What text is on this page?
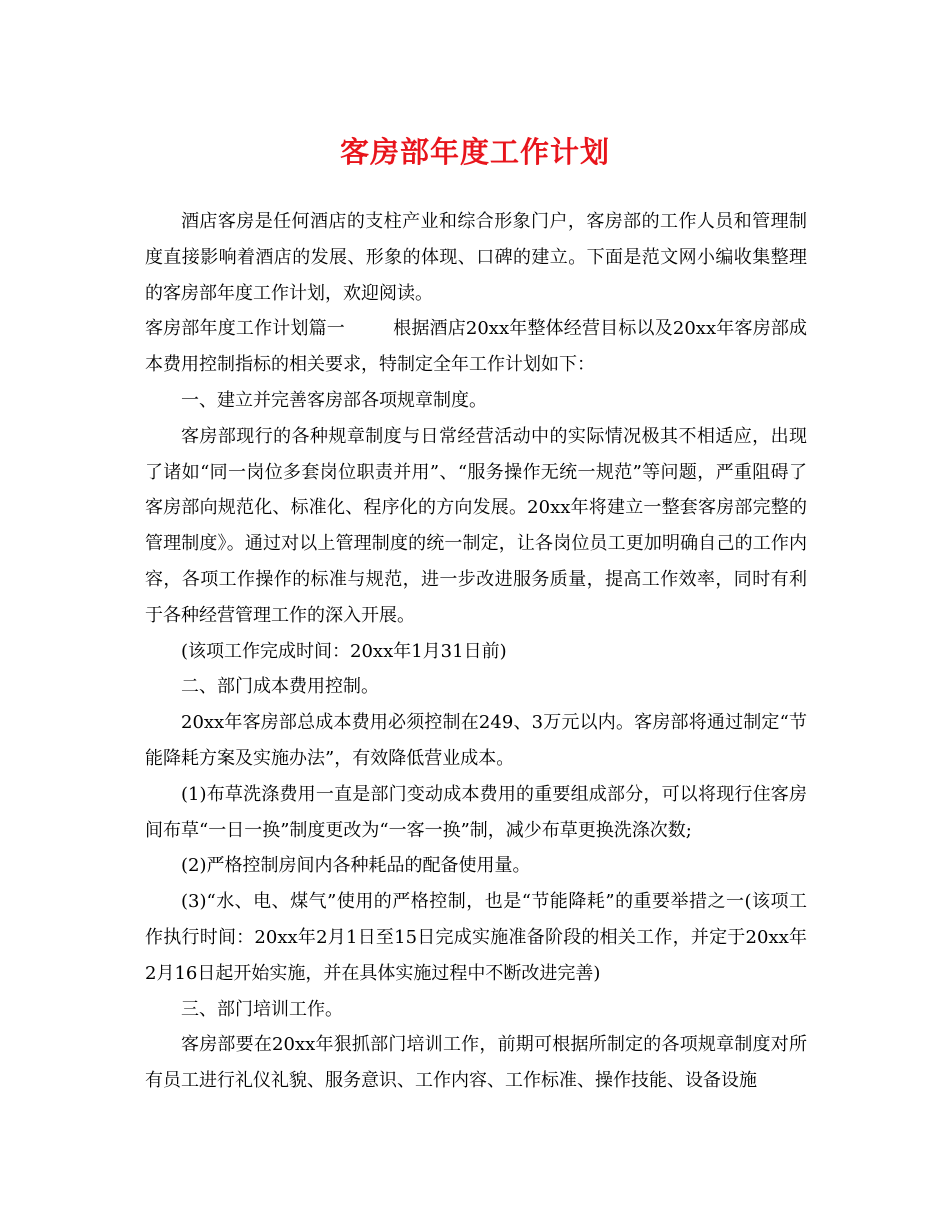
客房部年度工作计划

酒店客房是任何酒店的支柱产业和综合形象门户，客房部的工作人员和管理制度直接影响着酒店的发展、形象的体现、口碑的建立。下面是范文网小编收集整理的客房部年度工作计划，欢迎阅读。

客房部年度工作计划篇一	根据酒店20xx年整体经营目标以及20xx年客房部成本费用控制指标的相关要求，特制定全年工作计划如下：

一、建立并完善客房部各项规章制度。

客房部现行的各种规章制度与日常经营活动中的实际情况极其不相适应，出现了诸如“同一岗位多套岗位职责并用”、“服务操作无统一规范”等问题，严重阻碍了客房部向规范化、标准化、程序化的方向发展。20xx年将建立一整套客房部完整的管理制度》。通过对以上管理制度的统一制定，让各岗位员工更加明确自己的工作内容，各项工作操作的标准与规范，进一步改进服务质量，提高工作效率，同时有利于各种经营管理工作的深入开展。

(该项工作完成时间：20xx年1月31日前)

二、部门成本费用控制。

20xx年客房部总成本费用必须控制在249、3万元以内。客房部将通过制定“节能降耗方案及实施办法”，有效降低营业成本。

(1)布草洗涤费用一直是部门变动成本费用的重要组成部分，可以将现行住客房间布草“一日一换”制度更改为“一客一换”制，减少布草更换洗涤次数;

(2)严格控制房间内各种耗品的配备使用量。

(3)“水、电、煤气”使用的严格控制，也是“节能降耗”的重要举措之一(该项工作执行时间：20xx年2月1日至15日完成实施准备阶段的相关工作，并定于20xx年2月16日起开始实施，并在具体实施过程中不断改进完善)

三、部门培训工作。

客房部要在20xx年狠抓部门培训工作，前期可根据所制定的各项规章制度对所有员工进行礼仪礼貌、服务意识、工作内容、工作标准、操作技能、设备设施
